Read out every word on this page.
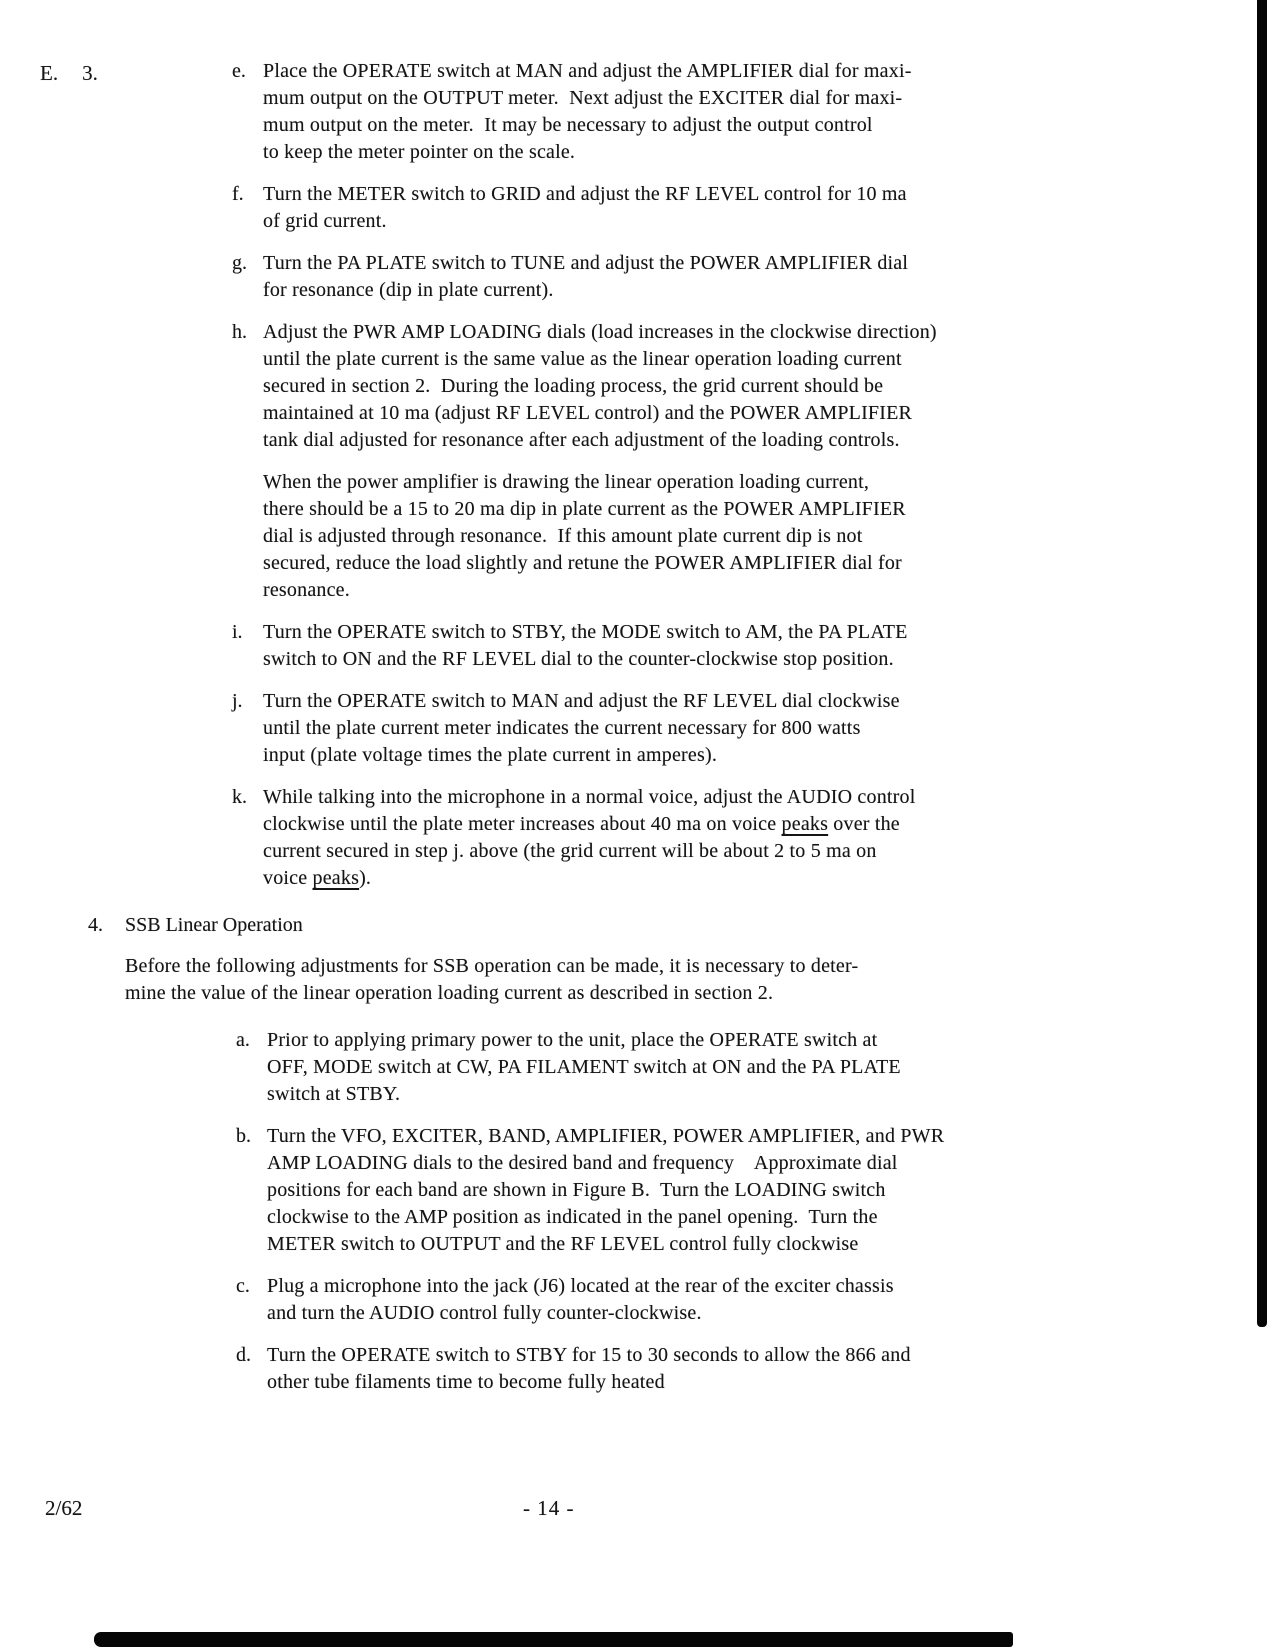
E. 3.	e. Place the OPERATE switch at MAN and adjust the AMPLIFIER dial for maxi-
mum output on the OUTPUT meter.  Next adjust the EXCITER dial for maxi-
mum output on the meter.  It may be necessary to adjust the output control
to keep the meter pointer on the scale.
f. Turn the METER switch to GRID and adjust the RF LEVEL control for 10 ma
of grid current.
g. Turn the PA PLATE switch to TUNE and adjust the POWER AMPLIFIER dial
for resonance (dip in plate current).
h. Adjust the PWR AMP LOADING dials (load increases in the clockwise direction)
until the plate current is the same value as the linear operation loading current
secured in section 2.  During the loading process, the grid current should be
maintained at 10 ma (adjust RF LEVEL control) and the POWER AMPLIFIER
tank dial adjusted for resonance after each adjustment of the loading controls.
When the power amplifier is drawing the linear operation loading current,
there should be a 15 to 20 ma dip in plate current as the POWER AMPLIFIER
dial is adjusted through resonance.  If this amount plate current dip is not
secured, reduce the load slightly and retune the POWER AMPLIFIER dial for
resonance.
i.	Turn the OPERATE switch to STBY, the MODE switch to AM, the PA PLATE
switch to ON and the RF LEVEL dial to the counter-clockwise stop position.
j.	Turn the OPERATE switch to MAN and adjust the RF LEVEL dial clockwise
until the plate current meter indicates the current necessary for 800 watts
input (plate voltage times the plate current in amperes).
k. While talking into the microphone in a normal voice, adjust the AUDIO control
clockwise until the plate meter increases about 40 ma on voice peaks over the
current secured in step j. above (the grid current will be about 2 to 5 ma on
voice peaks).
4.	SSB Linear Operation
Before the following adjustments for SSB operation can be made, it is necessary to deter-
mine the value of the linear operation loading current as described in section 2.
a. Prior to applying primary power to the unit, place the OPERATE switch at
OFF, MODE switch at CW, PA FILAMENT switch at ON and the PA PLATE
switch at STBY.
b. Turn the VFO, EXCITER, BAND, AMPLIFIER, POWER AMPLIFIER, and PWR
AMP LOADING dials to the desired band and frequency    Approximate dial
positions for each band are shown in Figure B.  Turn the LOADING switch
clockwise to the AMP position as indicated in the panel opening.  Turn the
METER switch to OUTPUT and the RF LEVEL control fully clockwise
c. Plug a microphone into the jack (J6) located at the rear of the exciter chassis
and turn the AUDIO control fully counter-clockwise.
d. Turn the OPERATE switch to STBY for 15 to 30 seconds to allow the 866 and
other tube filaments time to become fully heated
2/62	- 14 -
